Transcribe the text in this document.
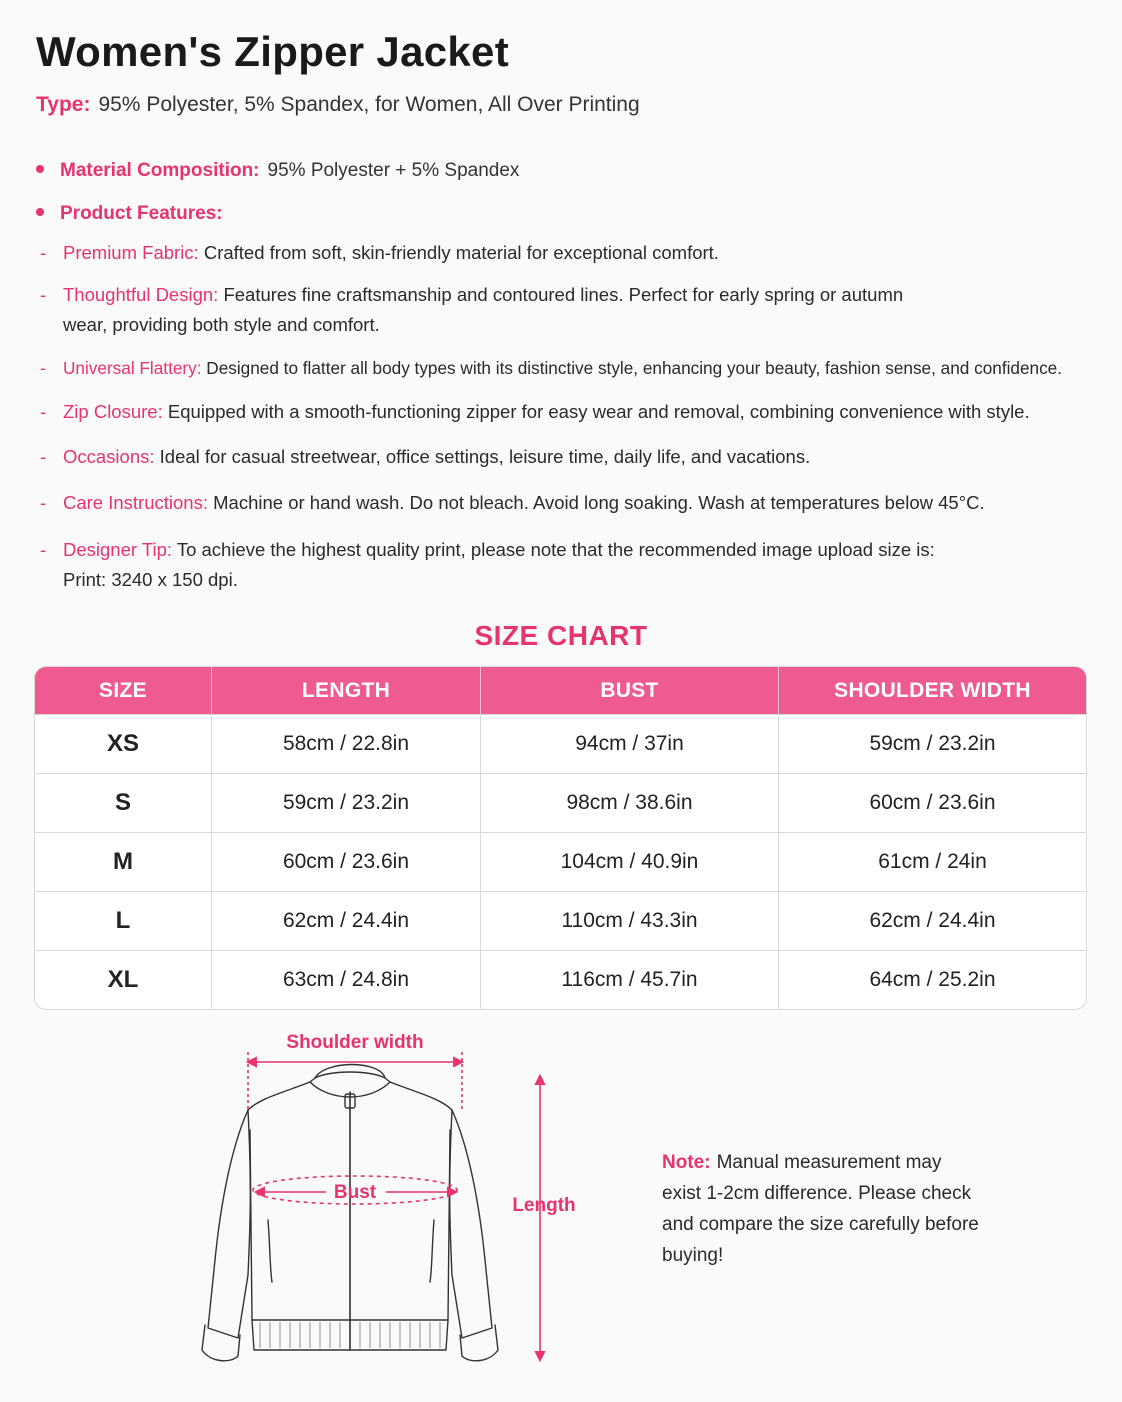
Women's Zipper Jacket
Type: 95% Polyester, 5% Spandex, for Women, All Over Printing
Material Composition: 95% Polyester + 5% Spandex
Product Features:
- Premium Fabric: Crafted from soft, skin-friendly material for exceptional comfort.
- Thoughtful Design: Features fine craftsmanship and contoured lines. Perfect for early spring or autumn
wear, providing both style and comfort.
- Universal Flattery: Designed to flatter all body types with its distinctive style, enhancing your beauty, fashion sense, and confidence.
- Zip Closure: Equipped with a smooth-functioning zipper for easy wear and removal, combining convenience with style.
- Occasions: Ideal for casual streetwear, office settings, leisure time, daily life, and vacations.
- Care Instructions: Machine or hand wash. Do not bleach. Avoid long soaking. Wash at temperatures below 45°C.
- Designer Tip: To achieve the highest quality print, please note that the recommended image upload size is:
Print: 3240 x 150 dpi.
SIZE CHART
SIZE	LENGTH	BUST	SHOULDER WIDTH
XS	58cm / 22.8in	94cm / 37in	59cm / 23.2in
S	59cm / 23.2in	98cm / 38.6in	60cm / 23.6in
M	60cm / 23.6in	104cm / 40.9in	61cm / 24in
L	62cm / 24.4in	110cm / 43.3in	62cm / 24.4in
XL	63cm / 24.8in	116cm / 45.7in	64cm / 25.2in
Shoulder width
Bust
Length
Note: Manual measurement may exist 1-2cm difference. Please check and compare the size carefully before buying!
